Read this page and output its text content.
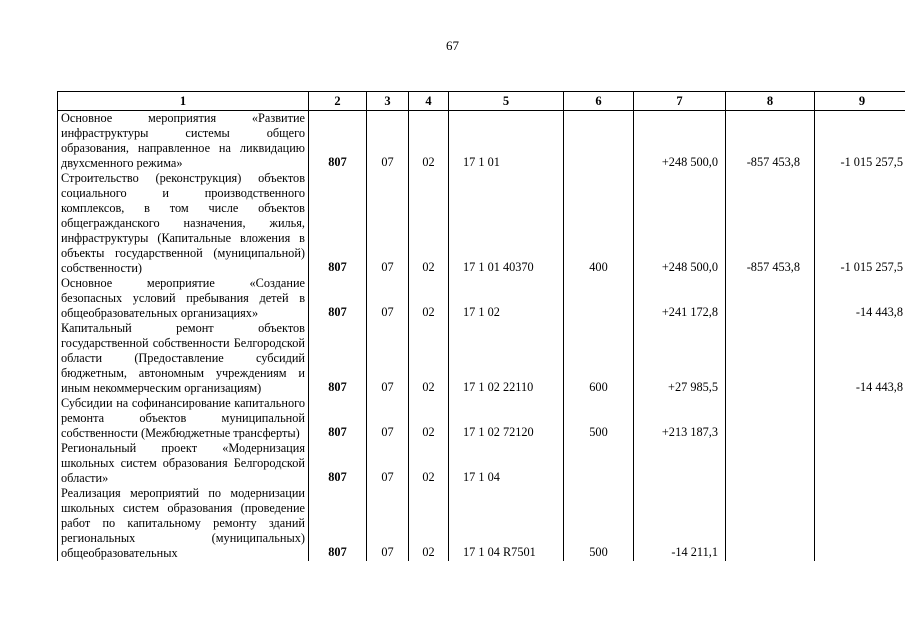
67
1	2	3	4	5	6	7	8	9
Основное мероприятия «Развитие инфраструктуры системы общего образования, направленное на ликвидацию двухсменного режима»	807	07	02	17 1 01		+248 500,0	-857 453,8	-1 015 257,5
Строительство (реконструкция) объектов социального и производственного комплексов, в том числе объектов общегражданского назначения, жилья, инфраструктуры (Капитальные вложения в объекты государственной (муниципальной) собственности)	807	07	02	17 1 01 40370	400	+248 500,0	-857 453,8	-1 015 257,5
Основное мероприятие «Создание безопасных условий пребывания детей в общеобразовательных организациях»	807	07	02	17 1 02		+241 172,8		-14 443,8
Капитальный ремонт объектов государственной собственности Белгородской области (Предоставление субсидий бюджетным, автономным учреждениям и иным некоммерческим организациям)	807	07	02	17 1 02 22110	600	+27 985,5		-14 443,8
Субсидии на софинансирование капитального ремонта объектов муниципальной собственности (Межбюджетные трансферты)	807	07	02	17 1 02 72120	500	+213 187,3		
Региональный проект «Модернизация школьных систем образования Белгородской области»	807	07	02	17 1 04				
Реализация мероприятий по модернизации школьных систем образования (проведение работ по капитальному ремонту зданий региональных (муниципальных) общеобразовательных	807	07	02	17 1 04 R7501	500	-14 211,1		
